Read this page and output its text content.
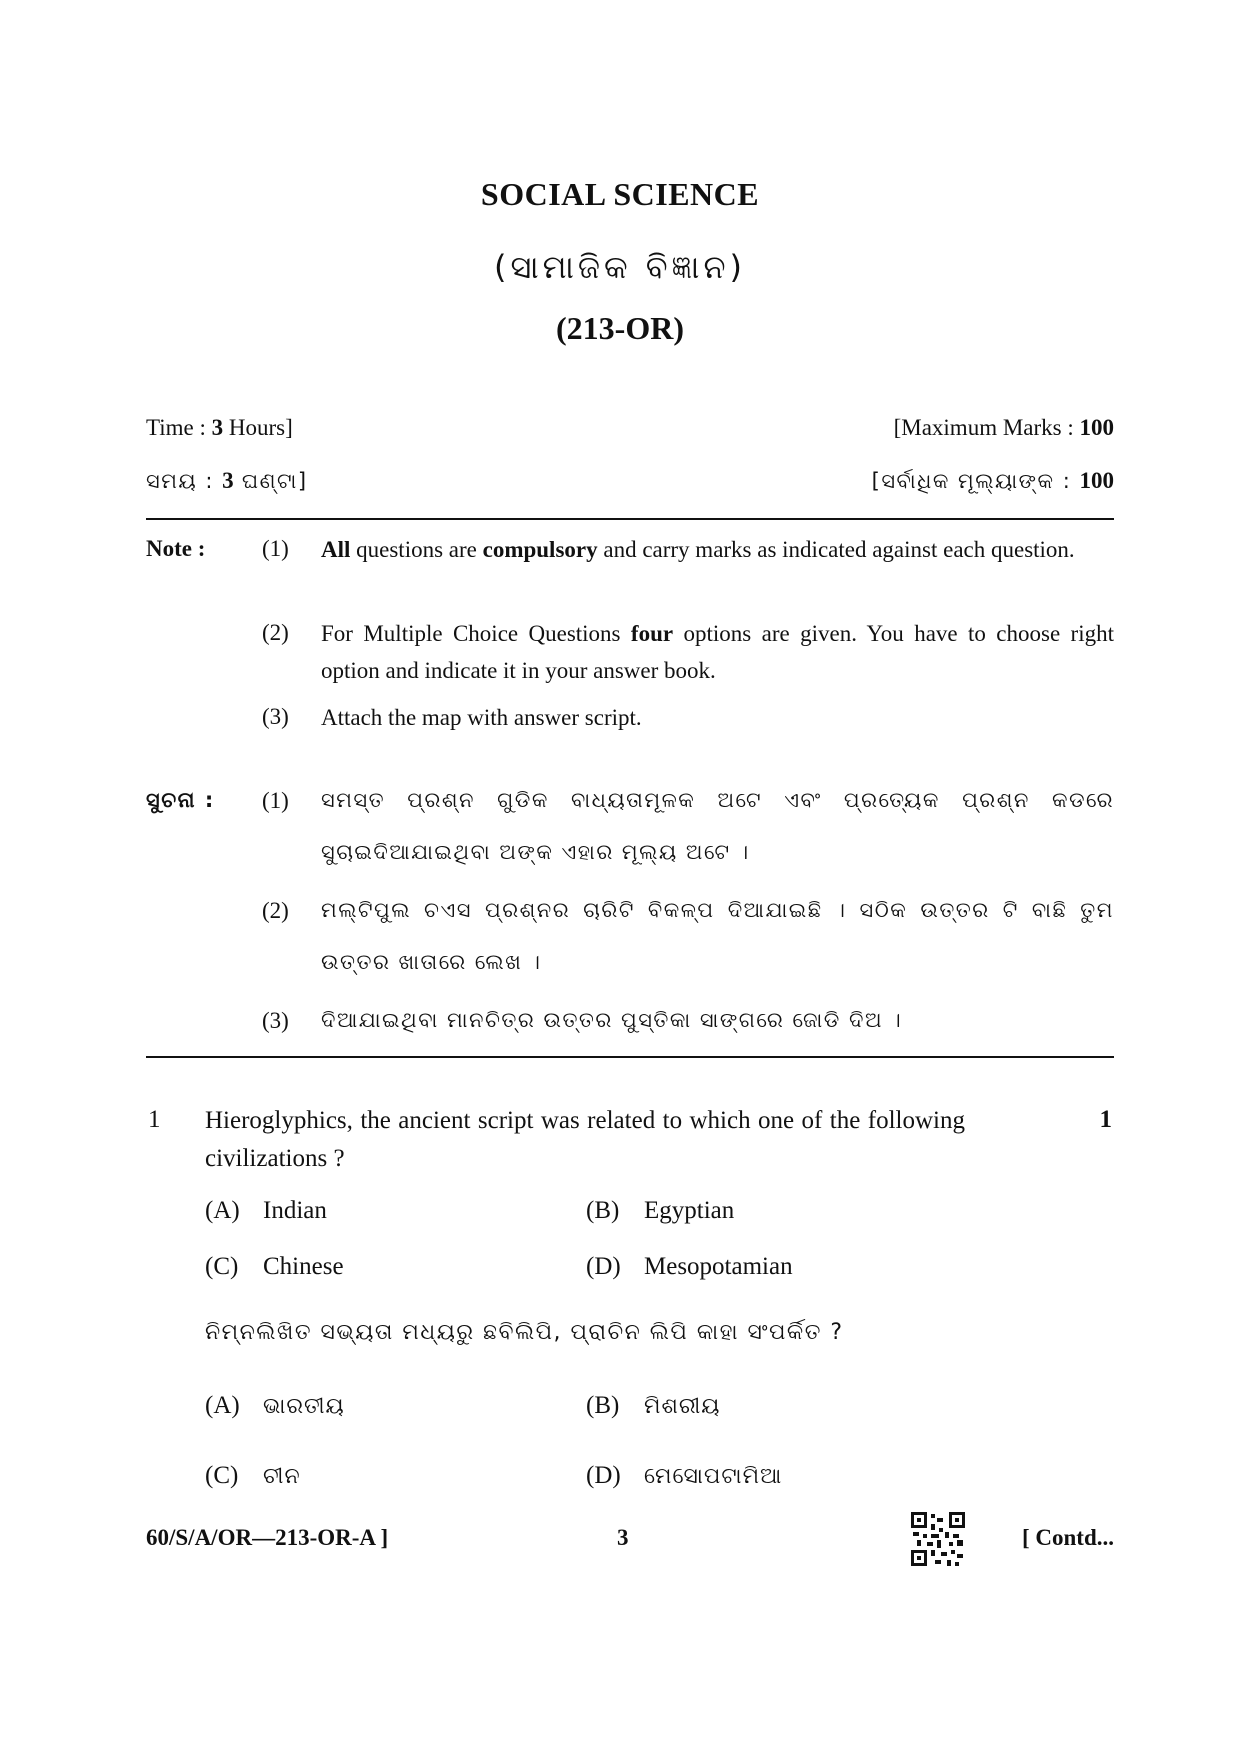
SOCIAL SCIENCE
(ସାମାଜିକ ବିଜ୍ଞାନ)
(213-OR)
Time : 3 Hours]	[Maximum Marks : 100
ସମୟ : 3 ଘଣ୍ଟା]	[ସର୍ବାଧିକ ମୂଲ୍ୟାଙ୍କ : 100
Note : (1) All questions are compulsory and carry marks as indicated against each question.
(2) For Multiple Choice Questions four options are given. You have to choose right option and indicate it in your answer book.
(3) Attach the map with answer script.
ସୁଚନା : (1) ସମସ୍ତ ପ୍ରଶ୍ନ ଗୁଡିକ ବାଧ୍ୟତାମୂଳକ ଅଟେ ଏବଂ ପ୍ରତ୍ୟେକ ପ୍ରଶ୍ନ କଡରେ ସୁଚାଇଦିଆଯାଇଥିବା ଅଙ୍କ ଏହାର ମୂଲ୍ୟ ଅଟେ ।
(2) ମଲ୍ଟିପୁଲ ଚଏସ ପ୍ରଶ୍ନର ଚାରିଟି ବିକଳ୍ପ ଦିଆଯାଇଛି । ସଠିକ ଉତ୍ତର ଟି ବାଛି ତୁମ ଉତ୍ତର ଖାତାରେ ଲେଖ ।
(3) ଦିଆଯାଇଥିବା ମାନଚିତ୍ର ଉତ୍ତର ପୁସ୍ତିକା ସାଙ୍ଗରେ ଜୋଡି ଦିଅ ।
1 Hieroglyphics, the ancient script was related to which one of the following civilizations ?
1
(A) Indian	(B) Egyptian
(C) Chinese	(D) Mesopotamian
ନିମ୍ନଲିଖିତ ସଭ୍ୟତା ମଧ୍ୟରୁ ଛବିଲିପି, ପ୍ରାଚିନ ଲିପି କାହା ସଂପର୍କିତ ?
(A) ଭାରତୀୟ	(B) ମିଶରୀୟ
(C) ଚୀନ	(D) ମେସୋପଟାମିଆ
60/S/A/OR—213-OR-A ]	3	[ Contd...
